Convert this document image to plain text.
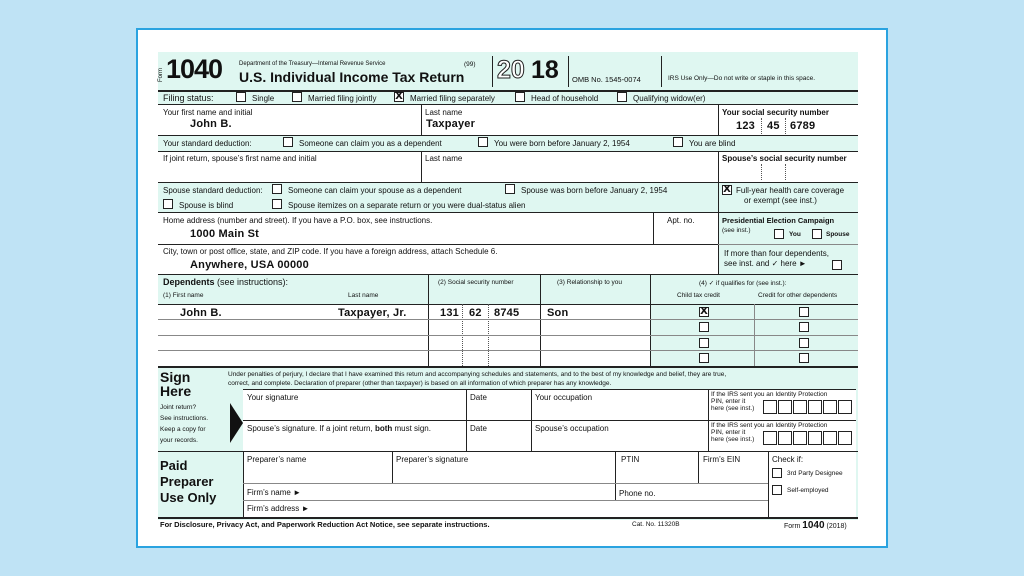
Form 1040	Department of the Treasury—Internal Revenue Service	(99)
U.S. Individual Income Tax Return 20 18 OMB No. 1545-0074	IRS Use Only—Do not write or staple in this space.
Filing status:	Single	Married filing jointly X Married filing separately	Head of household	Qualifying widow(er)
Your first name and initial
John B.
Last name
Taxpayer
Your social security number
123 45 6789
Your standard deduction:	Someone can claim you as a dependent	You were born before January 2, 1954	You are blind
If joint return, spouse’s first name and initial	Last name	Spouse’s social security number
Spouse standard deduction:	Someone can claim your spouse as a dependent	Spouse was born before January 2, 1954
Spouse is blind	Spouse itemizes on a separate return or you were dual-status alien
X Full-year health care coverage
or exempt (see inst.)
Home address (number and street). If you have a P.O. box, see instructions.
1000 Main St
Apt. no.	Presidential Election Campaign
(see inst.)
You	Spouse
City, town or post office, state, and ZIP code. If you have a foreign address, attach Schedule 6.
Anywhere, USA 00000
If more than four dependents,
see inst. and ✓ here ►
Dependents (see instructions):
(1) First name	Last name
(2) Social security number	(3) Relationship to you	(4) ✓ if qualifies for (see inst.):
Child tax credit	Credit for other dependents
John B.	Taxpayer, Jr.	131 62 8745	Son	X
Sign
Here
Under penalties of perjury, I declare that I have examined this return and accompanying schedules and statements, and to the best of my knowledge and belief, they are true,
correct, and complete. Declaration of preparer (other than taxpayer) is based on all information of which preparer has any knowledge.
Joint return?
See instructions.
Keep a copy for
your records.
Your signature	Date	Your occupation	If the IRS sent you an Identity Protection
PIN, enter it
here (see inst.)
Spouse’s signature. If a joint return, both must sign.	Date	Spouse’s occupation	If the IRS sent you an Identity Protection
PIN, enter it
here (see inst.)
Paid
Preparer
Use Only
Preparer’s name	Preparer’s signature	PTIN	Firm’s EIN	Check if:
3rd Party Designee
Self-employed
Firm’s name ►	Phone no.
Firm’s address ►
For Disclosure, Privacy Act, and Paperwork Reduction Act Notice, see separate instructions.	Cat. No. 11320B	Form 1040 (2018)
